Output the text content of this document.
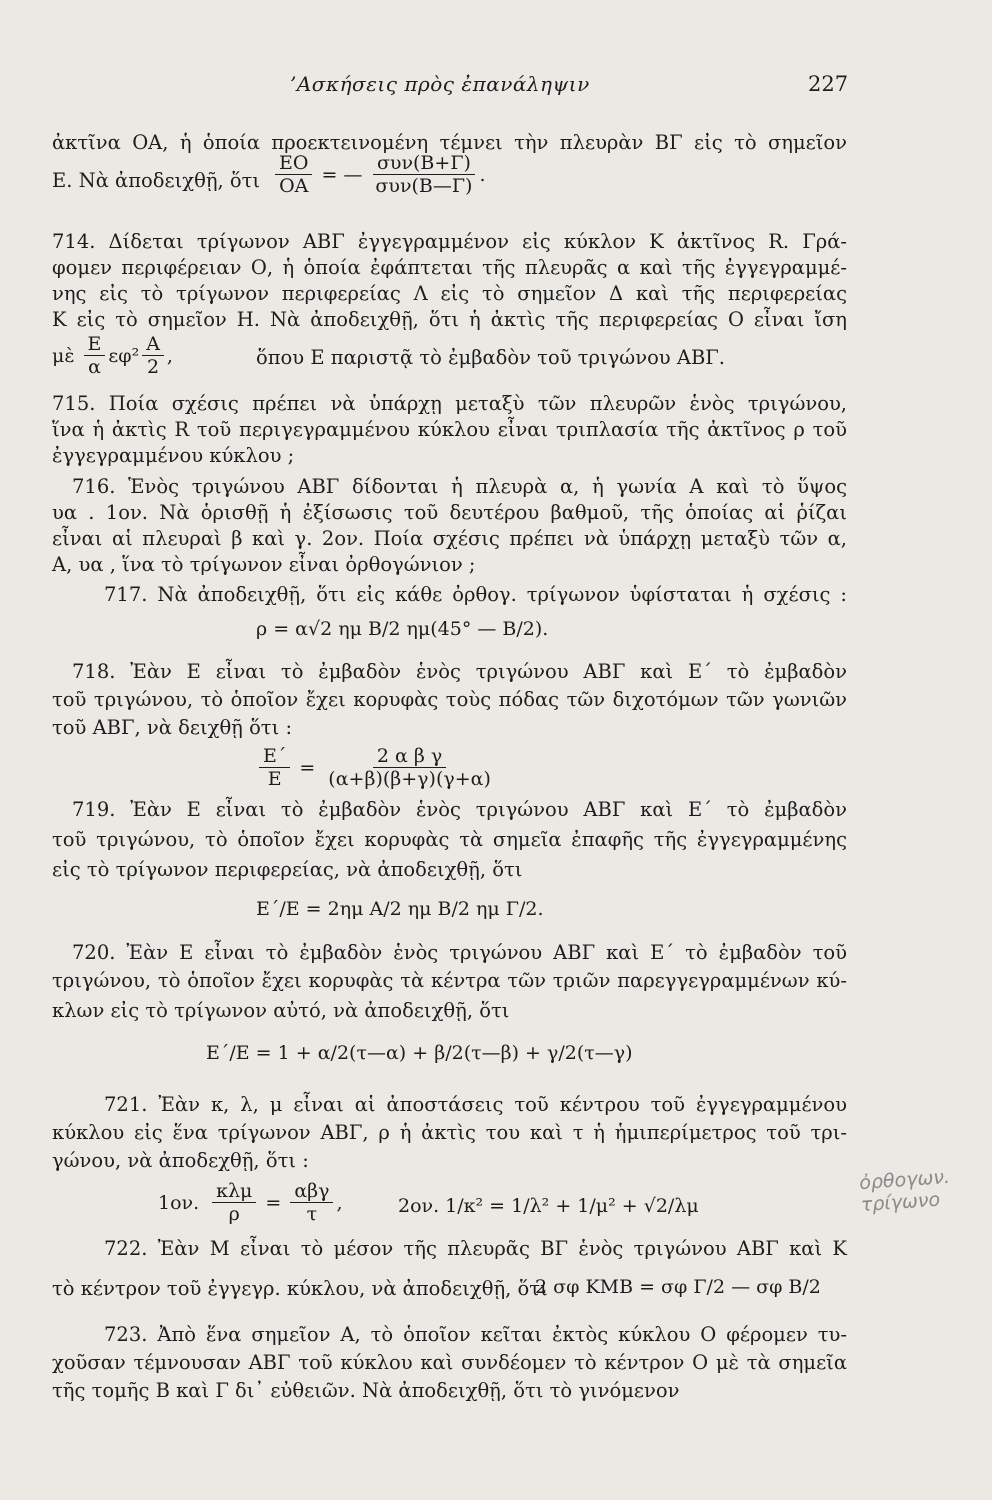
’Ασκήσεις πρὸς ἐπανάληψιν	227
ἀκτῖνα ΟΑ, ἡ ὁποία προεκτεινομένη τέμνει τὴν πλευρὰν ΒΓ εἰς τὸ σημεῖον
Ε. Νὰ ἀποδειχθῇ, ὅτι $\frac{EO}{OA}$ = — $\frac{\text{συν(Β+Γ)}}{\text{συν(Β—Γ)}}$ .
714. Δίδεται τρίγωνον ΑΒΓ ἐγγεγραμμένον εἰς κύκλον Κ ἀκτῖνος R. Γρά-
φομεν περιφέρειαν Ο, ἡ ὁποία ἐφάπτεται τῆς πλευρᾶς α καὶ τῆς ἐγγεγραμμέ-
νης εἰς τὸ τρίγωνον περιφερείας Λ εἰς τὸ σημεῖον Δ καὶ τῆς περιφερείας
Κ εἰς τὸ σημεῖον Η. Νὰ ἀποδειχθῇ, ὅτι ἡ ἀκτὶς τῆς περιφερείας Ο εἶναι ἴση
μὲ $\frac{E}{\alpha} \varepsilon\varphi^2 \frac{A}{2}$ ,	ὅπου Ε παριστᾷ τὸ ἐμβαδὸν τοῦ τριγώνου ΑΒΓ.
715. Ποία σχέσις πρέπει νὰ ὑπάρχῃ μεταξὺ τῶν πλευρῶν ἑνὸς τριγώνου,
ἵνα ἡ ἀκτὶς R τοῦ περιγεγραμμένου κύκλου εἶναι τριπλασία τῆς ἀκτῖνος ρ τοῦ
ἐγγεγραμμένου κύκλου ;
716. Ἑνὸς τριγώνου ΑΒΓ δίδονται ἡ πλευρὰ α, ἡ γωνία Α καὶ τὸ ὕψος
υα . 1ον. Νὰ ὁρισθῇ ἡ ἐξίσωσις τοῦ δευτέρου βαθμοῦ, τῆς ὁποίας αἱ ῥίζαι
εἶναι αἱ πλευραὶ β καὶ γ. 2ον. Ποία σχέσις πρέπει νὰ ὑπάρχῃ μεταξὺ τῶν α,
Α, υα , ἵνα τὸ τρίγωνον εἶναι ὀρθογώνιον ;
717. Νὰ ἀποδειχθῇ, ὅτι εἰς κάθε ὀρθογ. τρίγωνον ὑφίσταται ἡ σχέσις :
ρ = α√2 ημ Β/2 ημ(45° — Β/2).
718. Ἐὰν Ε εἶναι τὸ ἐμβαδὸν ἑνὸς τριγώνου ΑΒΓ καὶ Ε΄ τὸ ἐμβαδὸν
τοῦ τριγώνου, τὸ ὁποῖον ἔχει κορυφὰς τοὺς πόδας τῶν διχοτόμων τῶν γωνιῶν
τοῦ ΑΒΓ, νὰ δειχθῇ ὅτι :
$\frac{E΄}{E} = \frac{\text{2 α β γ}}{(\alpha+\beta)(\beta+\gamma)(\gamma+\alpha)}$
719. Ἐὰν Ε εἶναι τὸ ἐμβαδὸν ἑνὸς τριγώνου ΑΒΓ καὶ Ε΄ τὸ ἐμβαδὸν
τοῦ τριγώνου, τὸ ὁποῖον ἔχει κορυφὰς τὰ σημεῖα ἐπαφῆς τῆς ἐγγεγραμμένης
εἰς τὸ τρίγωνον περιφερείας, νὰ ἀποδειχθῇ, ὅτι
Ε΄/Ε = 2ημ Α/2 ημ Β/2 ημ Γ/2.
720. Ἐὰν Ε εἶναι τὸ ἐμβαδὸν ἑνὸς τριγώνου ΑΒΓ καὶ Ε΄ τὸ ἐμβαδὸν τοῦ
τριγώνου, τὸ ὁποῖον ἔχει κορυφὰς τὰ κέντρα τῶν τριῶν παρεγγεγραμμένων κύ-
κλων εἰς τὸ τρίγωνον αὐτό, νὰ ἀποδειχθῇ, ὅτι
Ε΄/Ε = 1 + α/2(τ—α) + β/2(τ—β) + γ/2(τ—γ)
721. Ἐὰν κ, λ, μ εἶναι αἱ ἀποστάσεις τοῦ κέντρου τοῦ ἐγγεγραμμένου
κύκλου εἰς ἕνα τρίγωνον ΑΒΓ, ρ ἡ ἀκτὶς του καὶ τ ἡ ἡμιπερίμετρος τοῦ τρι-
γώνου, νὰ ἀποδεχθῇ, ὅτι :
1ον. $\frac{\text{κλμ}}{\rho} = \frac{\text{αβγ}}{\tau}$ ,	2ον. 1/κ² = 1/λ² + 1/μ² + √2/λμ
722. Ἐὰν Μ εἶναι τὸ μέσον τῆς πλευρᾶς ΒΓ ἑνὸς τριγώνου ΑΒΓ καὶ Κ
τὸ κέντρον τοῦ ἐγγεγρ. κύκλου, νὰ ἀποδειχθῇ, ὅτι
2 σφ ΚΜΒ = σφ Γ/2 — σφ Β/2
723. Ἀπὸ ἕνα σημεῖον Α, τὸ ὁποῖον κεῖται ἐκτὸς κύκλου Ο φέρομεν τυ-
χοῦσαν τέμνουσαν ΑΒΓ τοῦ κύκλου καὶ συνδέομεν τὸ κέντρον Ο μὲ τὰ σημεῖα
τῆς τομῆς Β καὶ Γ δι᾿ εὐθειῶν. Νὰ ἀποδειχθῇ, ὅτι τὸ γινόμενον
ὀρθογων. τρίγωνο
